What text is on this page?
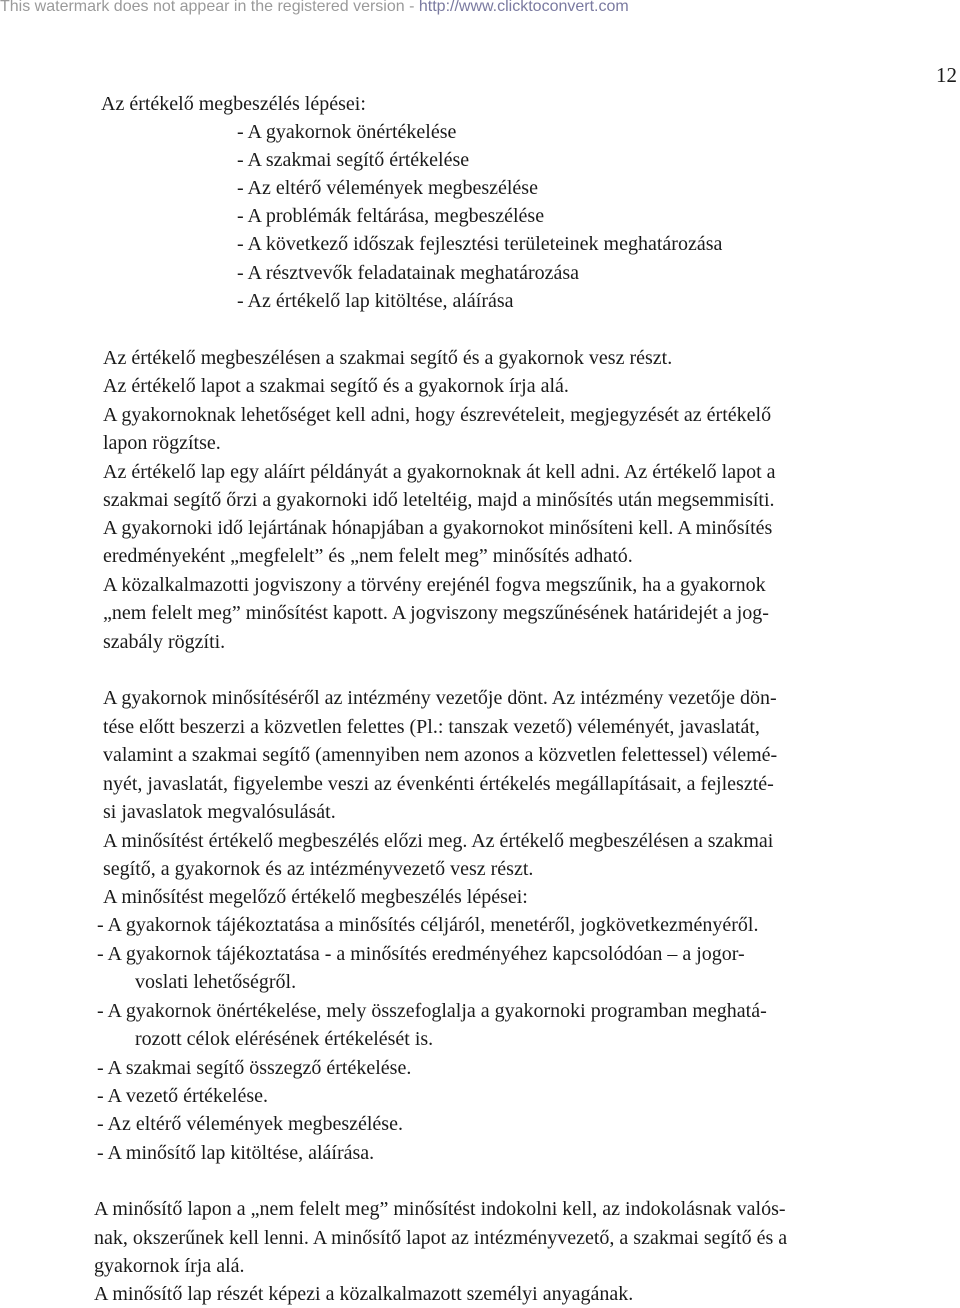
This watermark does not appear in the registered version - http://www.clicktoconvert.com
12
Az értékelő megbeszélés lépései:
- A gyakornok önértékelése
- A szakmai segítő értékelése
- Az eltérő vélemények megbeszélése
- A problémák feltárása, megbeszélése
- A következő időszak fejlesztési területeinek meghatározása
- A résztvevők feladatainak meghatározása
- Az értékelő lap kitöltése, aláírása
Az értékelő megbeszélésen a szakmai segítő és a gyakornok vesz részt.
Az értékelő lapot a szakmai segítő és a gyakornok írja alá.
A gyakornoknak lehetőséget kell adni, hogy észrevételeit, megjegyzését az értékelő
lapon rögzítse.
Az értékelő lap egy aláírt példányát a gyakornoknak át kell adni. Az értékelő lapot a
szakmai segítő őrzi a gyakornoki idő leteltéig, majd a minősítés után megsemmisíti.
A gyakornoki idő lejártának hónapjában a gyakornokot minősíteni kell. A minősítés
eredményeként „megfelelt” és „nem felelt meg” minősítés adható.
A közalkalmazotti jogviszony a törvény erejénél fogva megszűnik, ha a gyakornok
„nem felelt meg” minősítést kapott. A jogviszony megszűnésének határidejét a jog-
szabály rögzíti.
A gyakornok minősítéséről az intézmény vezetője dönt. Az intézmény vezetője dön-
tése előtt beszerzi a közvetlen felettes (Pl.: tanszak vezető) véleményét, javaslatát,
valamint a szakmai segítő (amennyiben nem azonos a közvetlen felettessel) vélemé-
nyét, javaslatát, figyelembe veszi az évenkénti értékelés megállapításait, a fejleszté-
si javaslatok megvalósulását.
A minősítést értékelő megbeszélés előzi meg. Az értékelő megbeszélésen a szakmai
segítő, a gyakornok és az intézményvezető vesz részt.
A minősítést megelőző értékelő megbeszélés lépései:
- A gyakornok tájékoztatása a minősítés céljáról, menetéről, jogkövetkezményéről.
- A gyakornok tájékoztatása - a minősítés eredményéhez kapcsolódóan – a jogor-
voslati lehetőségről.
- A gyakornok önértékelése, mely összefoglalja a gyakornoki programban meghatá-
rozott célok elérésének értékelését is.
- A szakmai segítő összegző értékelése.
- A vezető értékelése.
- Az eltérő vélemények megbeszélése.
- A minősítő lap kitöltése, aláírása.
A minősítő lapon a „nem felelt meg” minősítést indokolni kell, az indokolásnak valós-
nak, okszerűnek kell lenni. A minősítő lapot az intézményvezető, a szakmai segítő és a
gyakornok írja alá.
A minősítő lap részét képezi a közalkalmazott személyi anyagának.
